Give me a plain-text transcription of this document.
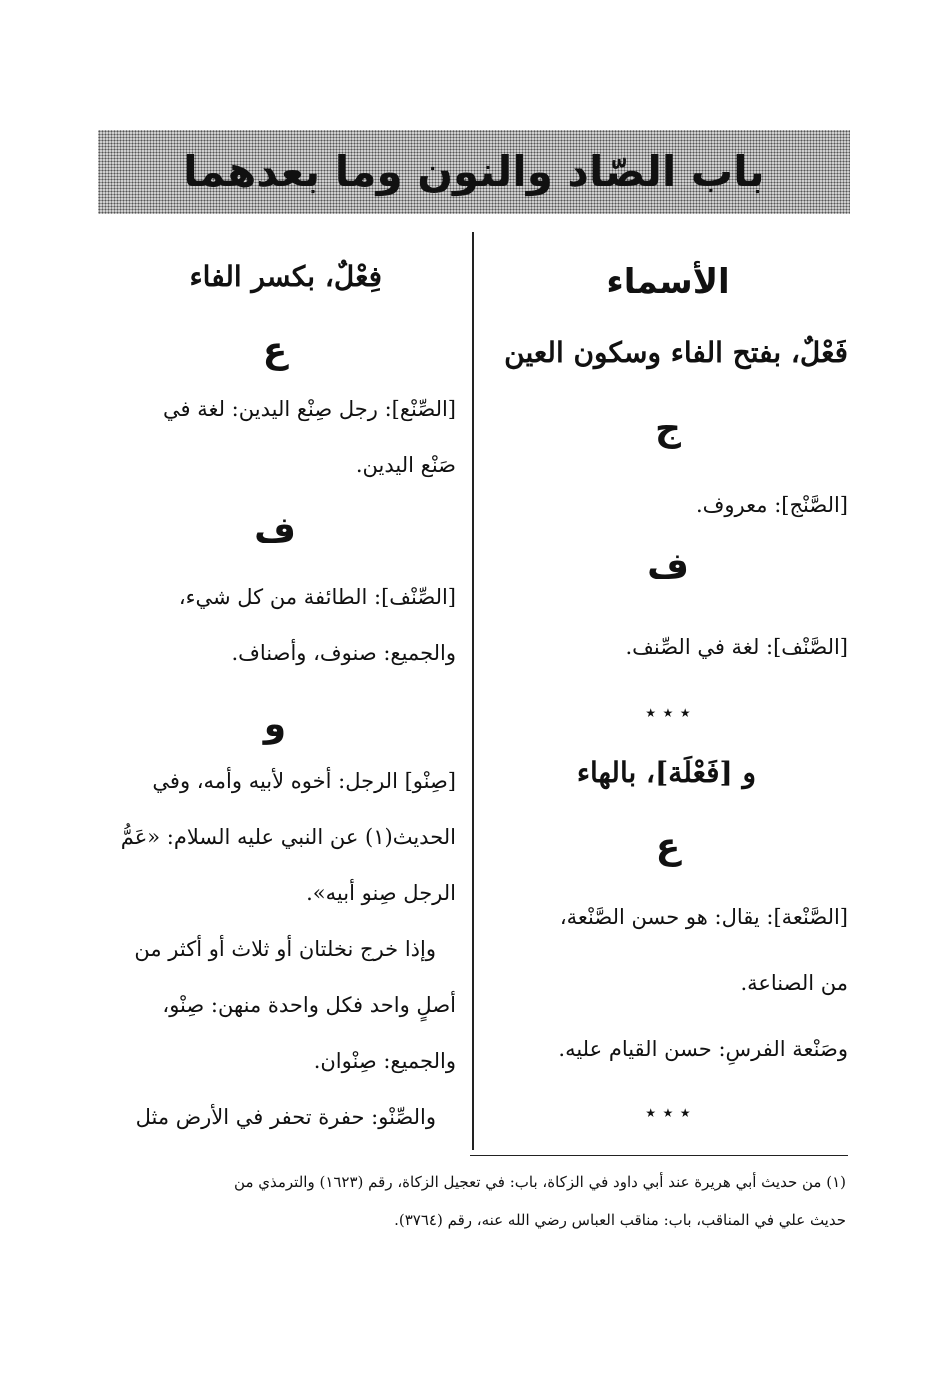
باب الصّاد والنون وما بعدهما
الأسماء
فَعْلٌ، بفتح الفاء وسكون العين
ج
[الصَّنْج]: معروف.
ف
[الصَّنْف]: لغة في الصِّنف.
٭ ٭ ٭
و [فَعْلَة]، بالهاء
ع
[الصَّنْعة]: يقال: هو حسن الصَّنْعة،
من الصناعة.
وصَنْعة الفرسِ: حسن القيام عليه.
٭ ٭ ٭
فِعْلٌ، بكسر الفاء
ع
[الصِّنْع]: رجل صِنْع اليدين: لغة في
صَنْع اليدين.
ف
[الصِّنْف]: الطائفة من كل شيء،
والجميع: صنوف، وأصناف.
و
[صِنْو] الرجل: أخوه لأبيه وأمه، وفي
الحديث(١) عن النبي عليه السلام: «عَمُّ
الرجل صِنو أبيه».
وإذا خرج نخلتان أو ثلاث أو أكثر من
أصلٍ واحد فكل واحدة منهن: صِنْو،
والجميع: صِنْوان.
والصِّنْو: حفرة تحفر في الأرض مثل
(١) من حديث أبي هريرة عند أبي داود في الزكاة، باب: في تعجيل الزكاة، رقم (١٦٢٣) والترمذي من
حديث علي في المناقب، باب: مناقب العباس رضي الله عنه، رقم (٣٧٦٤).
